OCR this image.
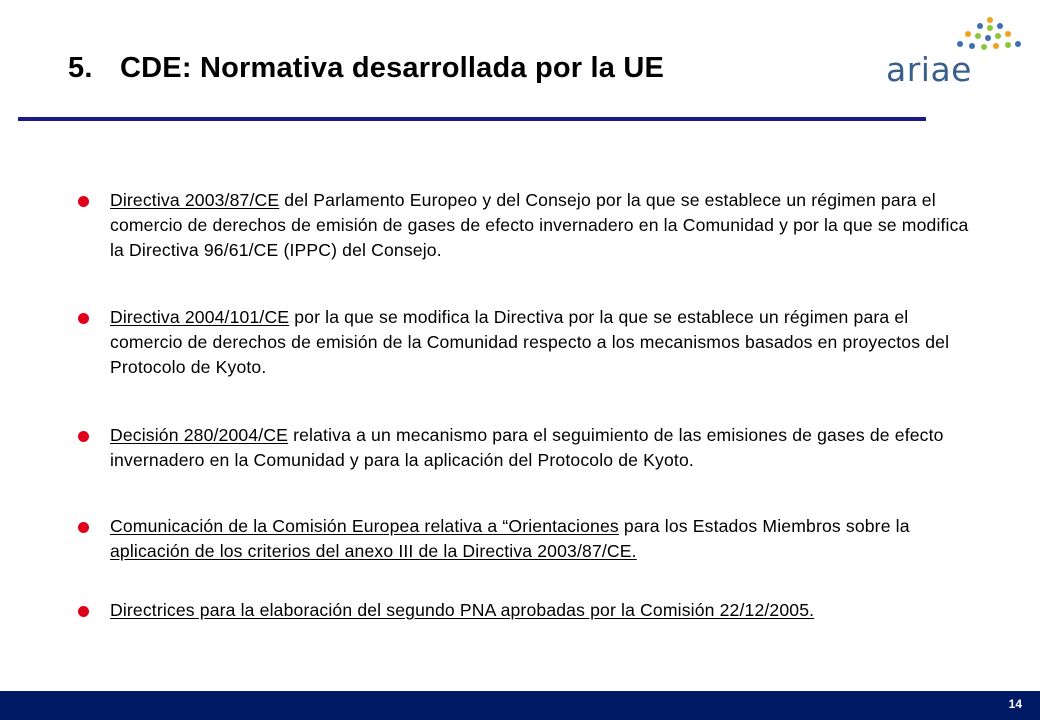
5. CDE: Normativa desarrollada por la UE	ariae
Directiva 2003/87/CE del Parlamento Europeo y del Consejo por la que se establece un régimen para el comercio de derechos de emisión de gases de efecto invernadero en la Comunidad y por la que se modifica la Directiva 96/61/CE (IPPC) del Consejo.
Directiva 2004/101/CE por la que se modifica la Directiva por la que se establece un régimen para el comercio de derechos de emisión de la Comunidad respecto a los mecanismos basados en proyectos del Protocolo de Kyoto.
Decisión 280/2004/CE relativa a un mecanismo para el seguimiento de las emisiones de gases de efecto invernadero en la Comunidad y para la aplicación del Protocolo de Kyoto.
Comunicación de la Comisión Europea relativa a “Orientaciones para los Estados Miembros sobre la aplicación de los criterios del anexo III de la Directiva 2003/87/CE.
Directrices para la elaboración del segundo PNA aprobadas por la Comisión 22/12/2005.
14
